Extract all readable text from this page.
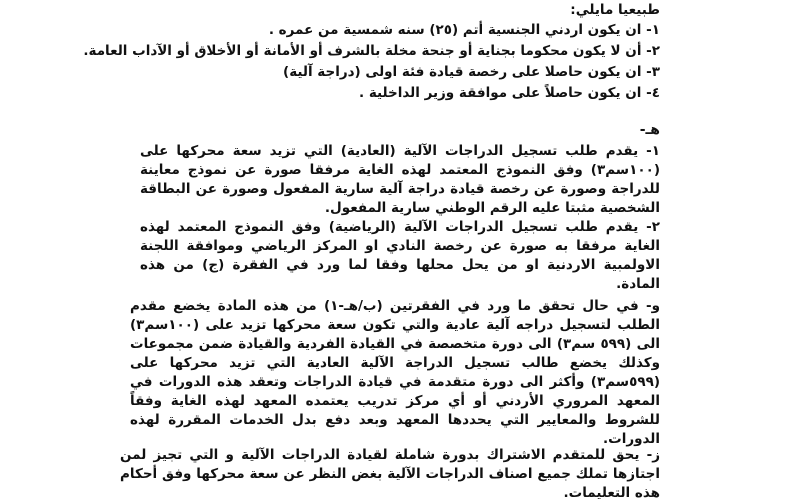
طبيعيا مايلي:
١- ان يكون اردني الجنسية أتم (٢٥) سنه شمسية من عمره .
٢- أن لا يكون محكوما بجناية أو جنحة مخلة بالشرف أو الأمانة أو الأخلاق أو الآداب العامة.
٣- ان يكون حاصلا على رخصة قيادة فئة اولى (دراجة آلية)
٤- ان يكون حاصلاً على موافقة وزير الداخلية .
هـ-
١- يقدم طلب تسجيل الدراجات الآلية (العادية) التي تزيد سعة محركها على (١٠٠سم٣) وفق النموذج المعتمد لهذه الغاية مرفقا صورة عن نموذج معاينة للدراجة وصورة عن رخصة قيادة دراجة آلية سارية المفعول وصورة عن البطاقة الشخصية مثبتا عليه الرقم الوطني سارية المفعول.
٢- يقدم طلب تسجيل الدراجات الآلية (الرياضية) وفق النموذج المعتمد لهذه الغاية مرفقا به صورة عن رخصة النادي او المركز الرياضي وموافقة اللجنة الاولمبية الاردنية او من يحل محلها وفقا لما ورد في الفقرة (ج) من هذه المادة.
و- في حال تحقق ما ورد في الفقرتين (ب/هـ-١) من هذه المادة يخضع مقدم الطلب لتسجيل دراجه آلية عادية والتي تكون سعة محركها تزيد على (١٠٠سم٣) الى (٥٩٩ سم٣) الى دورة متخصصة في القيادة الفردية والقيادة ضمن مجموعات وكذلك يخضع طالب تسجيل الدراجة الآلية العادية التي تزيد محركها على (٥٩٩سم٣) وأكثر الى دورة متقدمة في قيادة الدراجات وتعقد هذه الدورات في المعهد المروري الأردني أو أي مركز تدريب يعتمده المعهد لهذه الغاية وفقاً للشروط والمعايير التي يحددها المعهد وبعد دفع بدل الخدمات المقررة لهذه الدورات.
ز- يحق للمتقدم الاشتراك بدورة شاملة لقيادة الدراجات الآلية و التي تجيز لمن اجتازها تملك جميع اصناف الدراجات الآلية بغض النظر عن سعة محركها وفق أحكام هذه التعليمات.
